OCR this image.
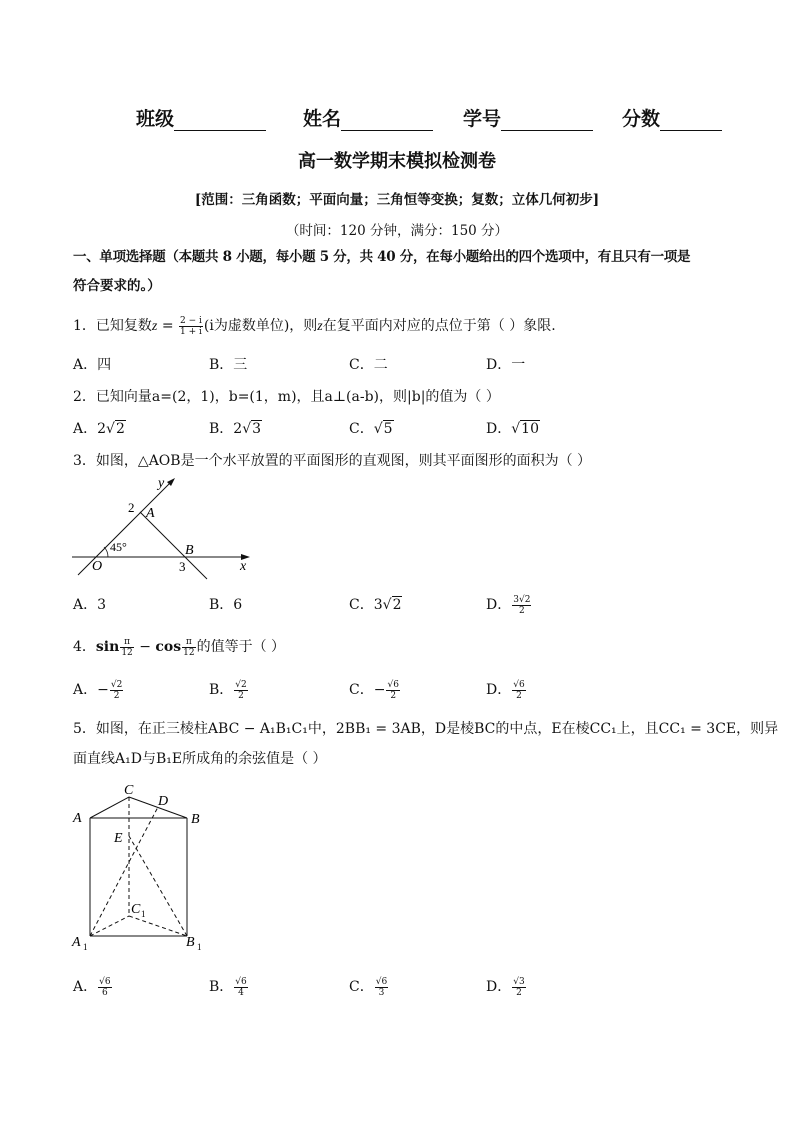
班级	姓名	学号	分数
高一数学期末模拟检测卷
[范围：三角函数；平面向量；三角恒等变换；复数；立体几何初步]
（时间：120 分钟，满分：150 分）
一、单项选择题（本题共 8 小题，每小题 5 分，共 40 分，在每小题给出的四个选项中，有且只有一项是
符合要求的。）
1．已知复数$z = \frac{2 - i}{1 + i} (i$为虚数单位)，则z在复平面内对应的点位于第（ ）象限.
A．四	B．三	C．二	D．一
2．已知向量a=(2，1)，b=(1，m)，且a⊥(a-b)，则|b|的值为（ ）
A．2√2	B．2√3	C．√5	D．√10
3．如图，△AOB是一个水平放置的平面图形的直观图，则其平面图形的面积为（ ）
y
x
O
A
B
2
3
45°
A．3	B．6	C．3√2	D． $\frac{3√2}{2}$
4．$\sin \frac{\pi}{12} - \cos \frac{\pi}{12}$ 的值等于（ ）
A．− $\frac{√2}{2}$	B． $\frac{√2}{2}$	C．− $\frac{√6}{2}$	D． $\frac{√6}{2}$
5．如图，在正三棱柱ABC − A₁B₁C₁中，2BB₁ = 3AB，D是棱BC的中点，E在棱CC₁上，且CC₁ = 3CE，则异
面直线A₁D与B₁E所成角的余弦值是（ ）
A	B
C
D
E
A 1	B 1
C 1
A． $\frac{√6}{6}$	B． $\frac{√6}{4}$	C． $\frac{√6}{3}$	D． $\frac{√3}{2}$
